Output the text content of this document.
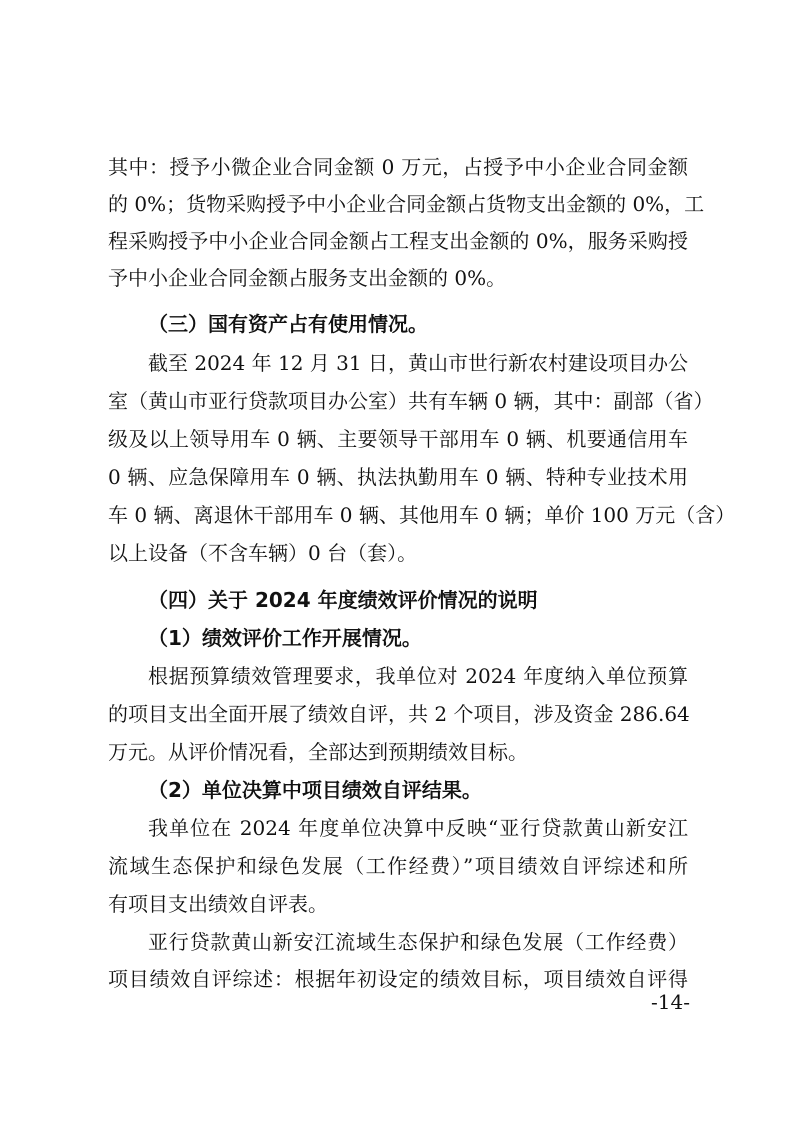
其中：授予小微企业合同金额 0 万元，占授予中小企业合同金额
的 0%；货物采购授予中小企业合同金额占货物支出金额的 0%，工
程采购授予中小企业合同金额占工程支出金额的 0%，服务采购授
予中小企业合同金额占服务支出金额的 0%。
（三）国有资产占有使用情况。
截至 2024 年 12 月 31 日，黄山市世行新农村建设项目办公
室（黄山市亚行贷款项目办公室）共有车辆 0 辆，其中：副部（省）
级及以上领导用车 0 辆、主要领导干部用车 0 辆、机要通信用车
0 辆、应急保障用车 0 辆、执法执勤用车 0 辆、特种专业技术用
车 0 辆、离退休干部用车 0 辆、其他用车 0 辆；单价 100 万元（含）
以上设备（不含车辆）0 台（套）。
（四）关于 2024 年度绩效评价情况的说明
（1）绩效评价工作开展情况。
根据预算绩效管理要求，我单位对 2024 年度纳入单位预算
的项目支出全面开展了绩效自评，共 2 个项目，涉及资金 286.64
万元。从评价情况看，全部达到预期绩效目标。
（2）单位决算中项目绩效自评结果。
我单位在 2024 年度单位决算中反映“亚行贷款黄山新安江
流域生态保护和绿色发展（工作经费）”项目绩效自评综述和所
有项目支出绩效自评表。
亚行贷款黄山新安江流域生态保护和绿色发展（工作经费）
项目绩效自评综述：根据年初设定的绩效目标，项目绩效自评得
-14-
